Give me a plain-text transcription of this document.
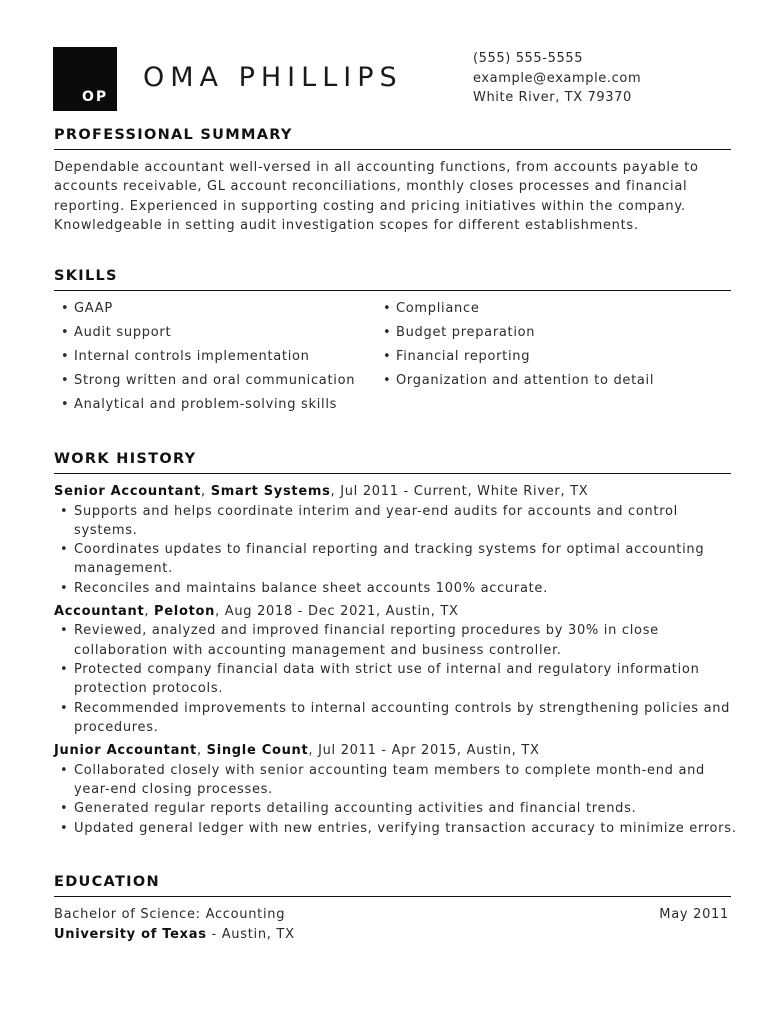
OP
OMA PHILLIPS
(555) 555-5555
example@example.com
White River, TX 79370
PROFESSIONAL SUMMARY
Dependable accountant well-versed in all accounting functions, from accounts payable to accounts receivable, GL account reconciliations, monthly closes processes and financial reporting. Experienced in supporting costing and pricing initiatives within the company. Knowledgeable in setting audit investigation scopes for different establishments.
SKILLS
• GAAP
• Audit support
• Internal controls implementation
• Strong written and oral communication
• Analytical and problem-solving skills
• Compliance
• Budget preparation
• Financial reporting
• Organization and attention to detail
WORK HISTORY
Senior Accountant, Smart Systems, Jul 2011 - Current, White River, TX
• Supports and helps coordinate interim and year-end audits for accounts and control systems.
• Coordinates updates to financial reporting and tracking systems for optimal accounting management.
• Reconciles and maintains balance sheet accounts 100% accurate.
Accountant, Peloton, Aug 2018 - Dec 2021, Austin, TX
• Reviewed, analyzed and improved financial reporting procedures by 30% in close collaboration with accounting management and business controller.
• Protected company financial data with strict use of internal and regulatory information protection protocols.
• Recommended improvements to internal accounting controls by strengthening policies and procedures.
Junior Accountant, Single Count, Jul 2011 - Apr 2015, Austin, TX
• Collaborated closely with senior accounting team members to complete month-end and year-end closing processes.
• Generated regular reports detailing accounting activities and financial trends.
• Updated general ledger with new entries, verifying transaction accuracy to minimize errors.
EDUCATION
Bachelor of Science: Accounting	May 2011
University of Texas - Austin, TX
